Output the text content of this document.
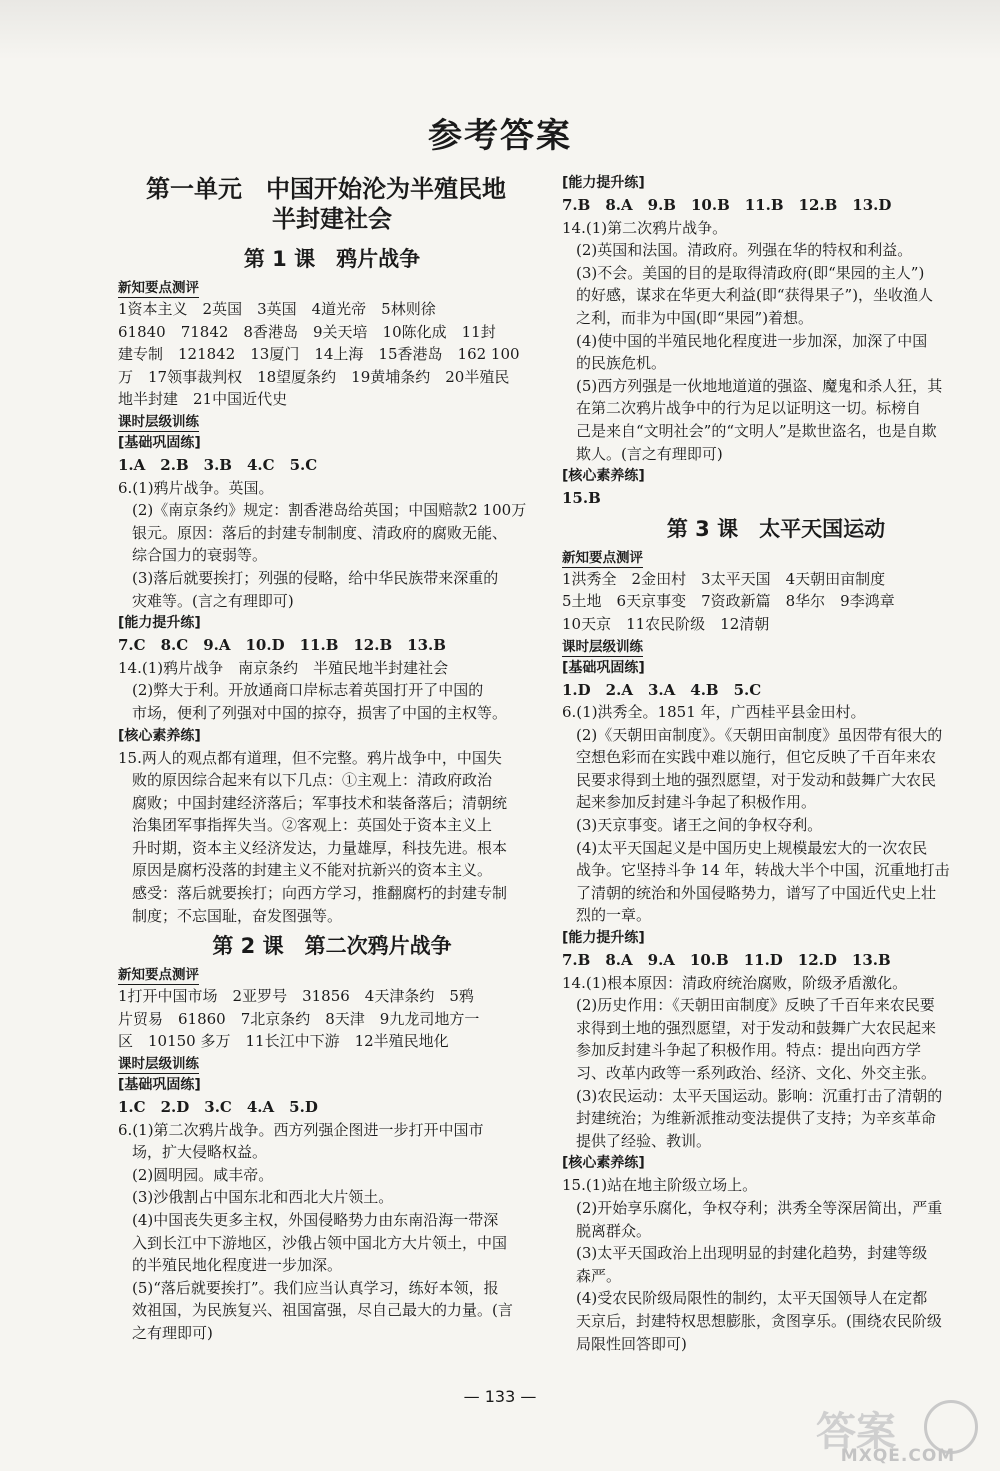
参考答案
第一单元　中国开始沦为半殖民地
半封建社会
第 1 课　鸦片战争
新知要点测评
1资本主义　2英国　3英国　4道光帝　5林则徐
61840　71842　8香港岛　9关天培　10陈化成　11封
建专制　121842　13厦门　14上海　15香港岛　162 100
万　17领事裁判权　18望厦条约　19黄埔条约　20半殖民
地半封建　21中国近代史
课时层级训练
[基础巩固练]
1.A　2.B　3.B　4.C　5.C
6.(1)鸦片战争。英国。
(2)《南京条约》规定：割香港岛给英国；中国赔款2 100万
银元。原因：落后的封建专制制度、清政府的腐败无能、
综合国力的衰弱等。
(3)落后就要挨打；列强的侵略，给中华民族带来深重的
灾难等。(言之有理即可)
[能力提升练]
7.C　8.C　9.A　10.D　11.B　12.B　13.B
14.(1)鸦片战争　南京条约　半殖民地半封建社会
(2)弊大于利。开放通商口岸标志着英国打开了中国的
市场，便利了列强对中国的掠夺，损害了中国的主权等。
[核心素养练]
15.两人的观点都有道理，但不完整。鸦片战争中，中国失
败的原因综合起来有以下几点：①主观上：清政府政治
腐败；中国封建经济落后；军事技术和装备落后；清朝统
治集团军事指挥失当。②客观上：英国处于资本主义上
升时期，资本主义经济发达，力量雄厚，科技先进。根本
原因是腐朽没落的封建主义不能对抗新兴的资本主义。
感受：落后就要挨打；向西方学习，推翻腐朽的封建专制
制度；不忘国耻，奋发图强等。
第 2 课　第二次鸦片战争
新知要点测评
1打开中国市场　2亚罗号　31856　4天津条约　5鸦
片贸易　61860　7北京条约　8天津　9九龙司地方一
区　10150 多万　11长江中下游　12半殖民地化
课时层级训练
[基础巩固练]
1.C　2.D　3.C　4.A　5.D
6.(1)第二次鸦片战争。西方列强企图进一步打开中国市
场，扩大侵略权益。
(2)圆明园。咸丰帝。
(3)沙俄割占中国东北和西北大片领土。
(4)中国丧失更多主权，外国侵略势力由东南沿海一带深
入到长江中下游地区，沙俄占领中国北方大片领土，中国
的半殖民地化程度进一步加深。
(5)“落后就要挨打”。我们应当认真学习，练好本领，报
效祖国，为民族复兴、祖国富强，尽自己最大的力量。(言
之有理即可)
[能力提升练]
7.B　8.A　9.B　10.B　11.B　12.B　13.D
14.(1)第二次鸦片战争。
(2)英国和法国。清政府。列强在华的特权和利益。
(3)不会。美国的目的是取得清政府(即“果园的主人”)
的好感，谋求在华更大利益(即“获得果子”)，坐收渔人
之利，而非为中国(即“果园”)着想。
(4)使中国的半殖民地化程度进一步加深，加深了中国
的民族危机。
(5)西方列强是一伙地地道道的强盗、魔鬼和杀人狂，其
在第二次鸦片战争中的行为足以证明这一切。标榜自
己是来自“文明社会”的“文明人”是欺世盗名，也是自欺
欺人。(言之有理即可)
[核心素养练]
15.B
第 3 课　太平天国运动
新知要点测评
1洪秀全　2金田村　3太平天国　4天朝田亩制度
5土地　6天京事变　7资政新篇　8华尔　9李鸿章
10天京　11农民阶级　12清朝
课时层级训练
[基础巩固练]
1.D　2.A　3.A　4.B　5.C
6.(1)洪秀全。1851 年，广西桂平县金田村。
(2)《天朝田亩制度》。《天朝田亩制度》虽因带有很大的
空想色彩而在实践中难以施行，但它反映了千百年来农
民要求得到土地的强烈愿望，对于发动和鼓舞广大农民
起来参加反封建斗争起了积极作用。
(3)天京事变。诸王之间的争权夺利。
(4)太平天国起义是中国历史上规模最宏大的一次农民
战争。它坚持斗争 14 年，转战大半个中国，沉重地打击
了清朝的统治和外国侵略势力，谱写了中国近代史上壮
烈的一章。
[能力提升练]
7.B　8.A　9.A　10.B　11.D　12.D　13.B
14.(1)根本原因：清政府统治腐败，阶级矛盾激化。
(2)历史作用：《天朝田亩制度》反映了千百年来农民要
求得到土地的强烈愿望，对于发动和鼓舞广大农民起来
参加反封建斗争起了积极作用。特点：提出向西方学
习、改革内政等一系列政治、经济、文化、外交主张。
(3)农民运动：太平天国运动。影响：沉重打击了清朝的
封建统治；为维新派推动变法提供了支持；为辛亥革命
提供了经验、教训。
[核心素养练]
15.(1)站在地主阶级立场上。
(2)开始享乐腐化，争权夺利；洪秀全等深居简出，严重
脱离群众。
(3)太平天国政治上出现明显的封建化趋势，封建等级
森严。
(4)受农民阶级局限性的制约，太平天国领导人在定都
天京后，封建特权思想膨胀，贪图享乐。(围绕农民阶级
局限性回答即可)
— 133 —
答案
MXQE.COM
